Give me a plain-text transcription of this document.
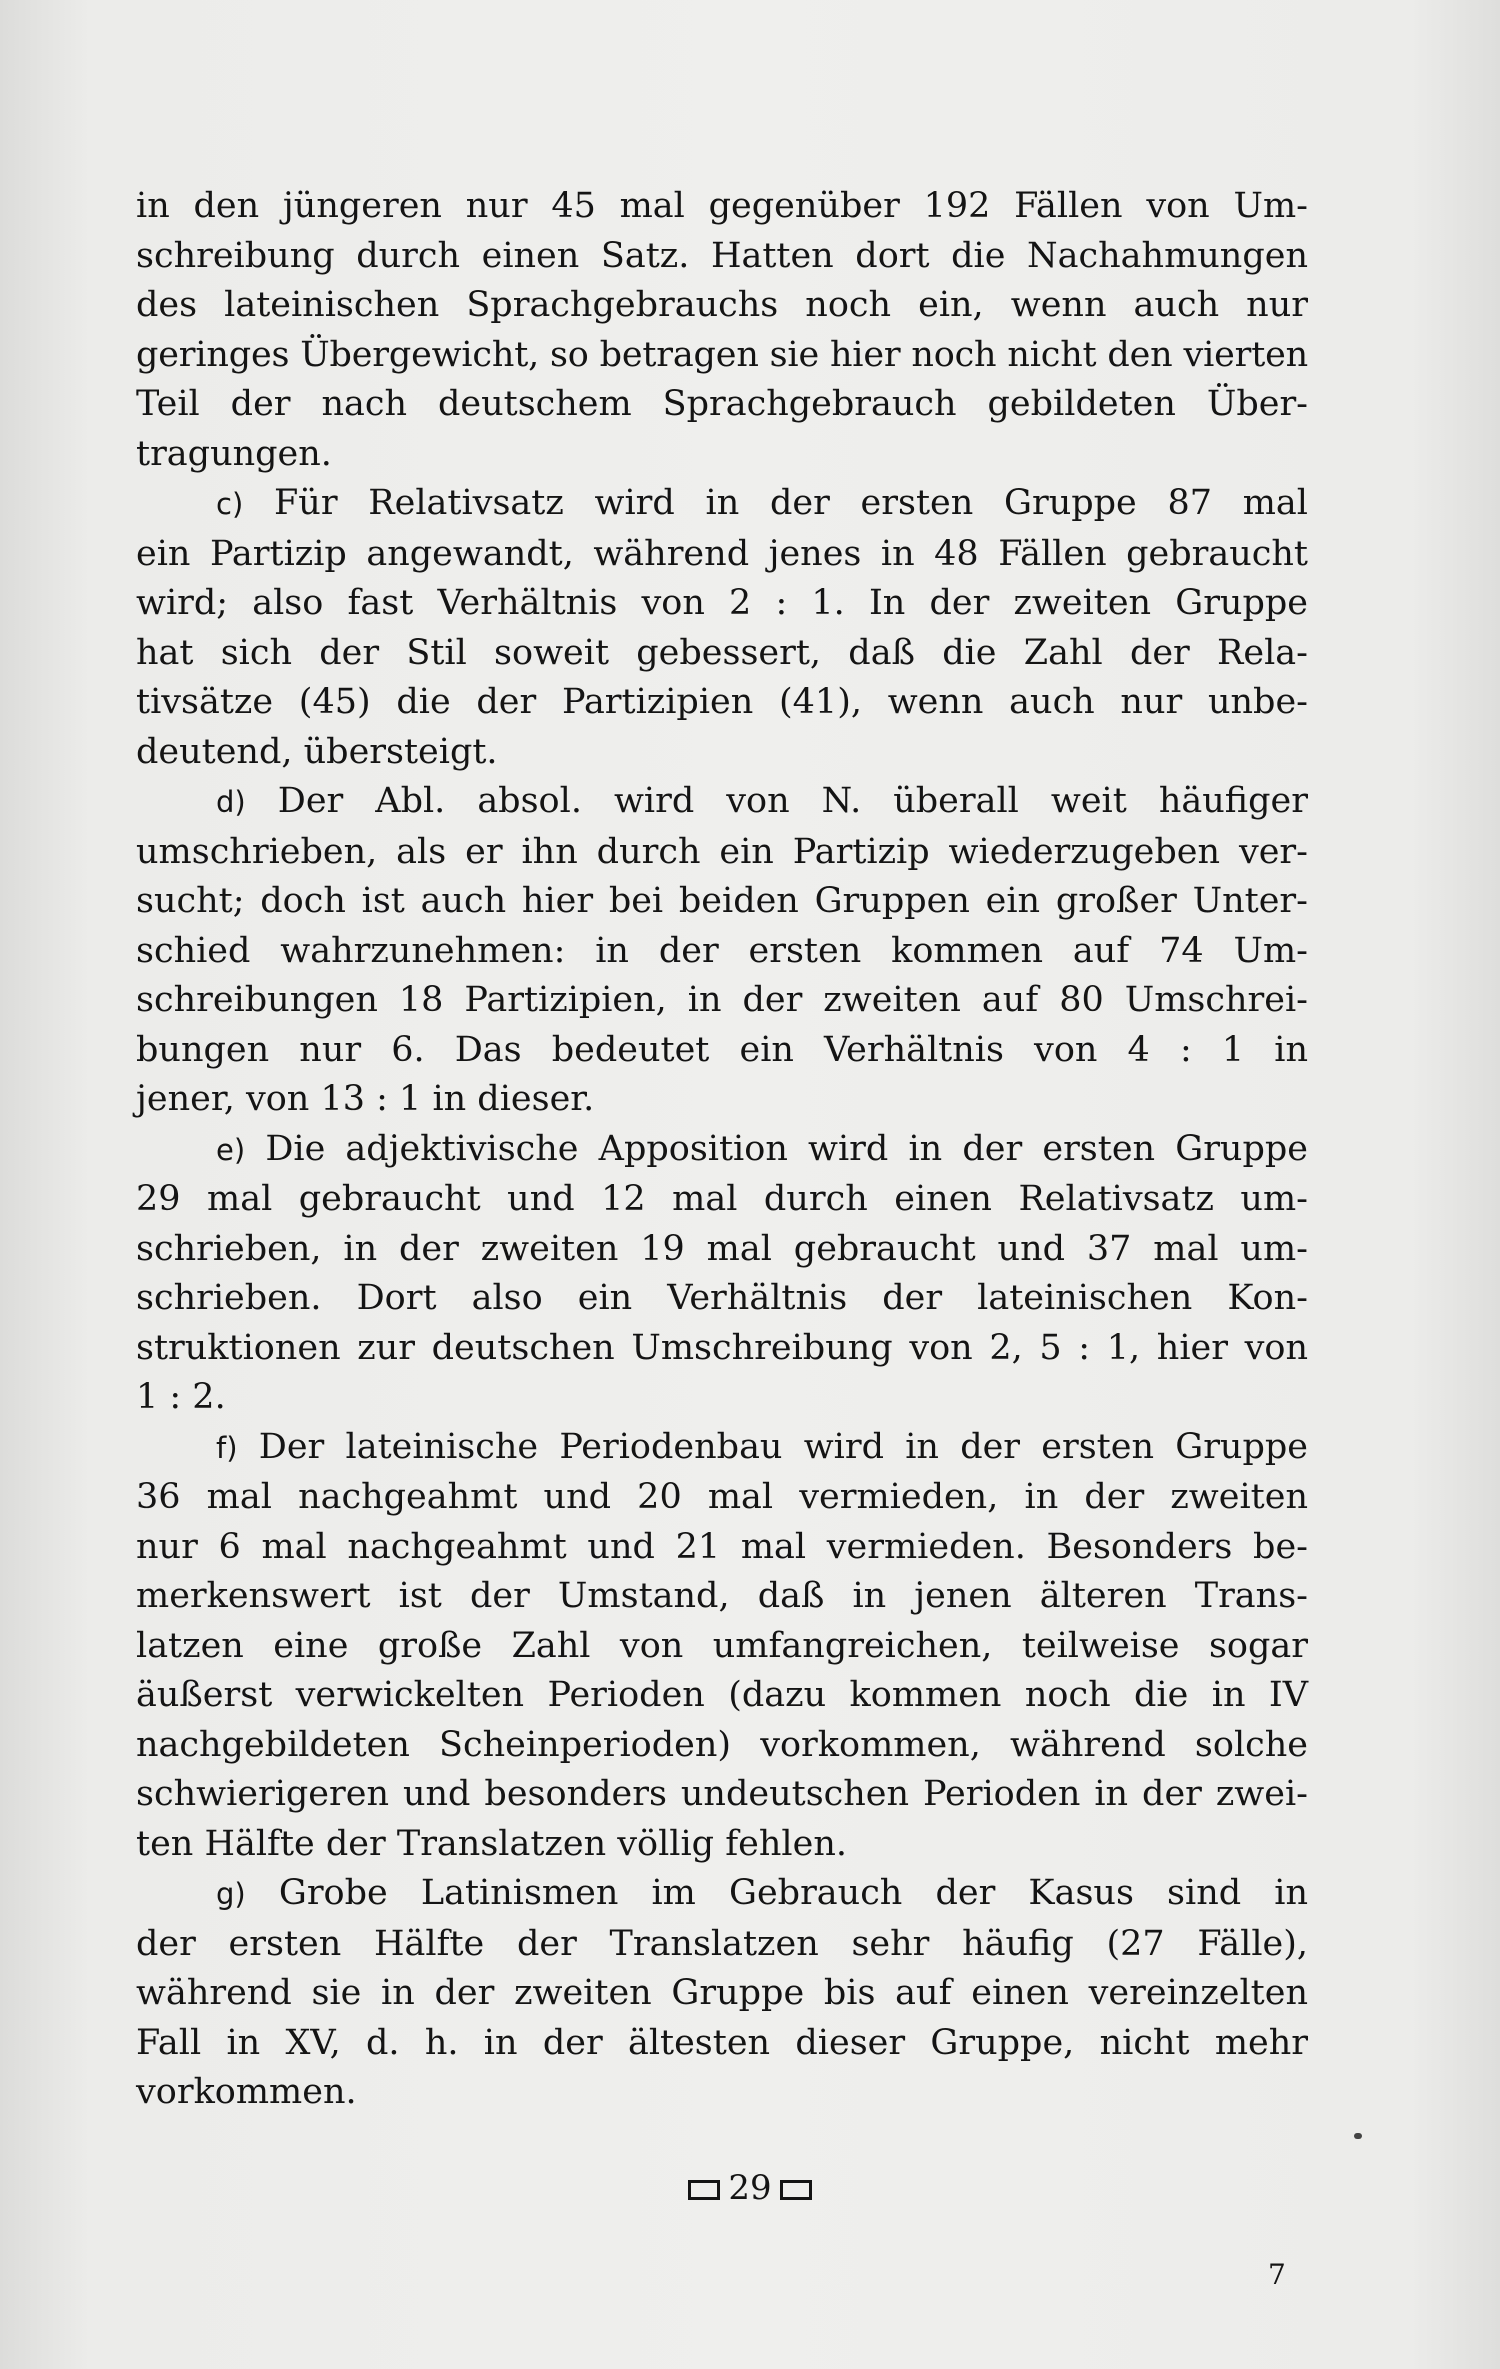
in den jüngeren nur 45 mal gegenüber 192 Fällen von Um-
schreibung durch einen Satz. Hatten dort die Nachahmungen
des lateinischen Sprachgebrauchs noch ein, wenn auch nur
geringes Übergewicht, so betragen sie hier noch nicht den vierten
Teil der nach deutschem Sprachgebrauch gebildeten Über-
tragungen.
c) Für Relativsatz wird in der ersten Gruppe 87 mal
ein Partizip angewandt, während jenes in 48 Fällen gebraucht
wird; also fast Verhältnis von 2 : 1. In der zweiten Gruppe
hat sich der Stil soweit gebessert, daß die Zahl der Rela-
tivsätze (45) die der Partizipien (41), wenn auch nur unbe-
deutend, übersteigt.
d) Der Abl. absol. wird von N. überall weit häufiger
umschrieben, als er ihn durch ein Partizip wiederzugeben ver-
sucht; doch ist auch hier bei beiden Gruppen ein großer Unter-
schied wahrzunehmen: in der ersten kommen auf 74 Um-
schreibungen 18 Partizipien, in der zweiten auf 80 Umschrei-
bungen nur 6. Das bedeutet ein Verhältnis von 4 : 1 in
jener, von 13 : 1 in dieser.
e) Die adjektivische Apposition wird in der ersten Gruppe
29 mal gebraucht und 12 mal durch einen Relativsatz um-
schrieben, in der zweiten 19 mal gebraucht und 37 mal um-
schrieben. Dort also ein Verhältnis der lateinischen Kon-
struktionen zur deutschen Umschreibung von 2, 5 : 1, hier von
1 : 2.
f) Der lateinische Periodenbau wird in der ersten Gruppe
36 mal nachgeahmt und 20 mal vermieden, in der zweiten
nur 6 mal nachgeahmt und 21 mal vermieden. Besonders be-
merkenswert ist der Umstand, daß in jenen älteren Trans-
latzen eine große Zahl von umfangreichen, teilweise sogar
äußerst verwickelten Perioden (dazu kommen noch die in IV
nachgebildeten Scheinperioden) vorkommen, während solche
schwierigeren und besonders undeutschen Perioden in der zwei-
ten Hälfte der Translatzen völlig fehlen.
g) Grobe Latinismen im Gebrauch der Kasus sind in
der ersten Hälfte der Translatzen sehr häufig (27 Fälle),
während sie in der zweiten Gruppe bis auf einen vereinzelten
Fall in XV, d. h. in der ältesten dieser Gruppe, nicht mehr
vorkommen.
29
7
